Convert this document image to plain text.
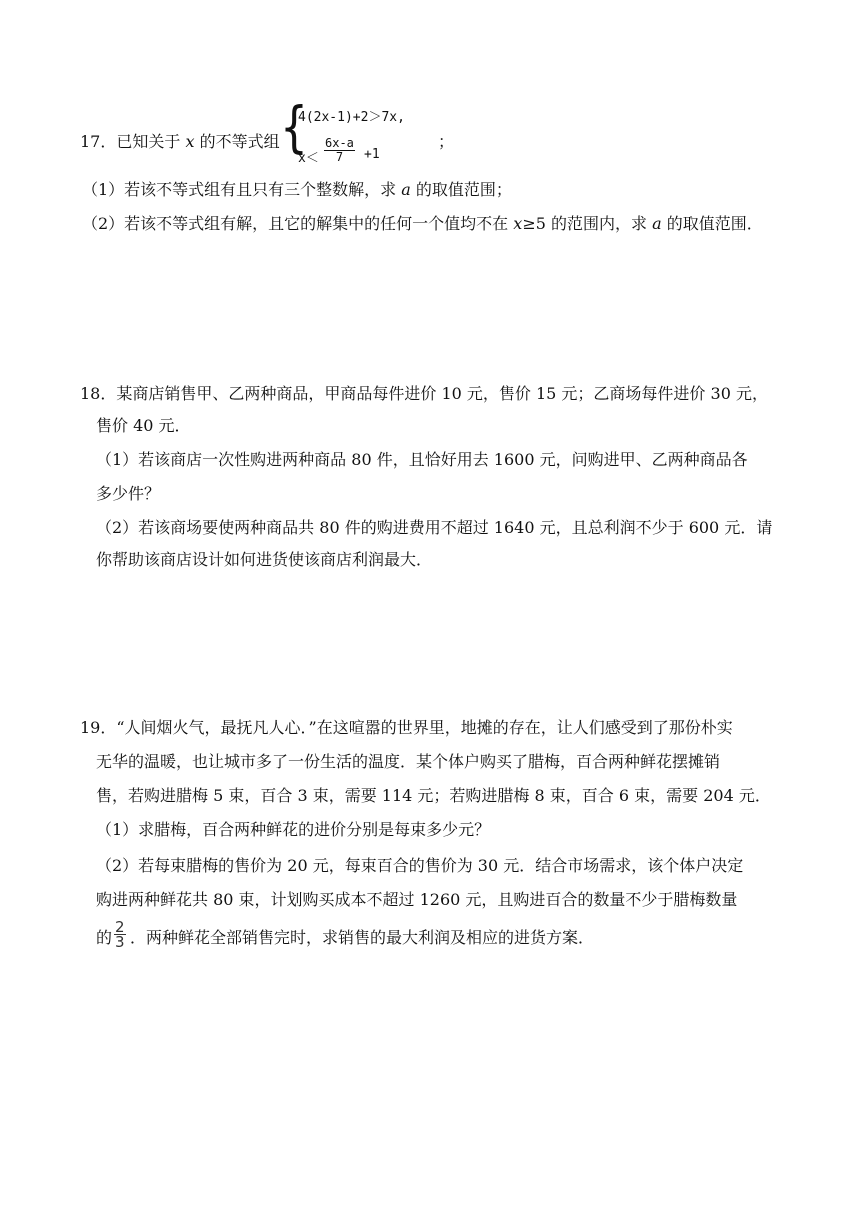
17．已知关于 x 的不等式组 {
4(2x-1)+2＞7x,
$x< \frac{6x-a}{7} +1$
；
（1）若该不等式组有且只有三个整数解，求 a 的取值范围；
（2）若该不等式组有解，且它的解集中的任何一个值均不在 x≥5 的范围内，求 a 的取值范围．
18．某商店销售甲、乙两种商品，甲商品每件进价 10 元，售价 15 元；乙商场每件进价 30 元，
售价 40 元．
（1）若该商店一次性购进两种商品 80 件，且恰好用去 1600 元，问购进甲、乙两种商品各
多少件？
（2）若该商场要使两种商品共 80 件的购进费用不超过 1640 元，且总利润不少于 600 元．请
你帮助该商店设计如何进货使该商店利润最大．
19．“人间烟火气，最抚凡人心．”在这喧嚣的世界里，地摊的存在，让人们感受到了那份朴实
无华的温暖，也让城市多了一份生活的温度．某个体户购买了腊梅，百合两种鲜花摆摊销
售，若购进腊梅 5 束，百合 3 束，需要 114 元；若购进腊梅 8 束，百合 6 束，需要 204 元．
（1）求腊梅，百合两种鲜花的进价分别是每束多少元？
（2）若每束腊梅的售价为 20 元，每束百合的售价为 30 元．结合市场需求，该个体户决定
购进两种鲜花共 80 束，计划购买成本不超过 1260 元，且购进百合的数量不少于腊梅数量
的 $\frac{2}{3}$ ．两种鲜花全部销售完时，求销售的最大利润及相应的进货方案．
